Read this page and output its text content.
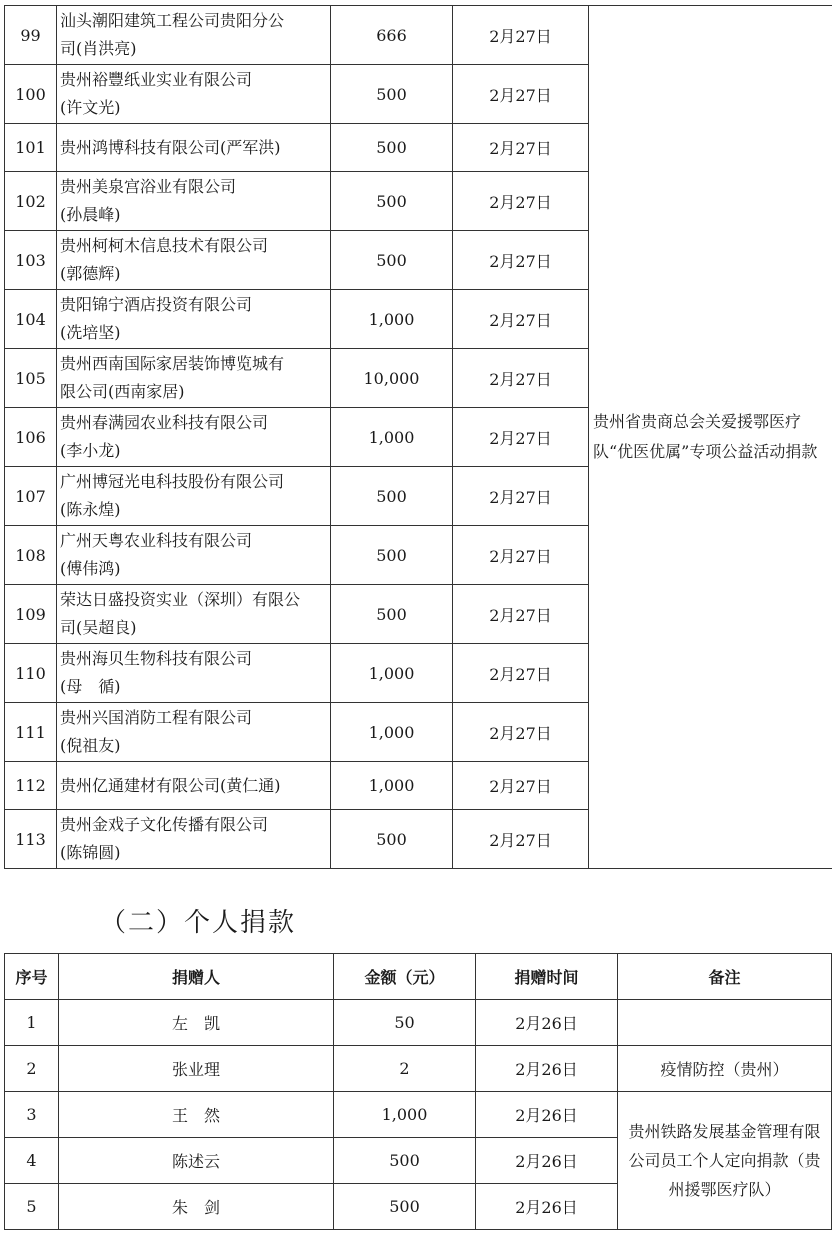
99	汕头潮阳建筑工程公司贵阳分公
司(肖洪亮)	666	2月27日	贵州省贵商总会关爱援鄂医疗队“优医优属”专项公益活动捐款
100	贵州裕豐纸业实业有限公司
(许文光)	500	2月27日	
101	贵州鸿博科技有限公司(严军洪)	500	2月27日	
102	贵州美泉宫浴业有限公司
(孙晨峰)	500	2月27日	
103	贵州柯柯木信息技术有限公司
(郭德辉)	500	2月27日	
104	贵阳锦宁酒店投资有限公司
(冼培坚)	1,000	2月27日	
105	贵州西南国际家居装饰博览城有
限公司(西南家居)	10,000	2月27日	
106	贵州春满园农业科技有限公司
(李小龙)	1,000	2月27日	
107	广州博冠光电科技股份有限公司
(陈永煌)	500	2月27日	
108	广州天粤农业科技有限公司
(傅伟鸿)	500	2月27日	
109	荣达日盛投资实业（深圳）有限公
司(吴超良)	500	2月27日	
110	贵州海贝生物科技有限公司
(母　循)	1,000	2月27日	
111	贵州兴国消防工程有限公司
(倪祖友)	1,000	2月27日	
112	贵州亿通建材有限公司(黄仁通)	1,000	2月27日	
113	贵州金戏子文化传播有限公司
(陈锦圆)	500	2月27日	
（二）个人捐款
序号	捐赠人	金额（元）	捐赠时间	备注
1	左　凯	50	2月26日	
2	张业理	2	2月26日	疫情防控（贵州）
3	王　然	1,000	2月26日	贵州铁路发展基金管理有限公司员工个人定向捐款（贵州援鄂医疗队）
4	陈述云	500	2月26日	
5	朱　剑	500	2月26日	
